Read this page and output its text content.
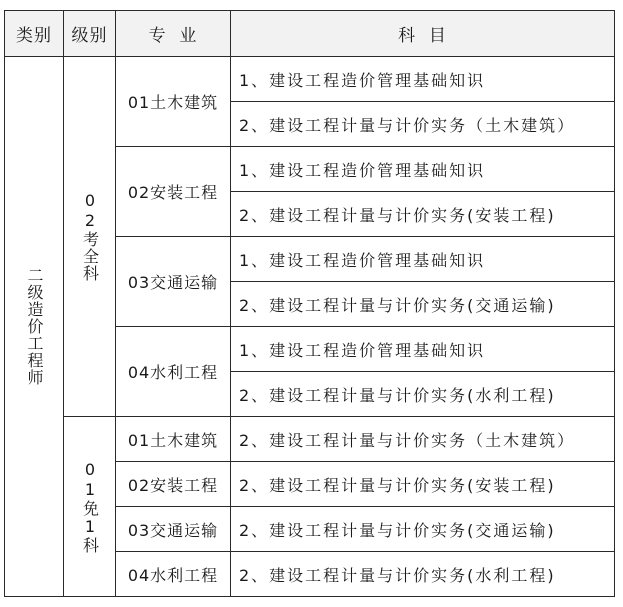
类别	级别	专  业	科  目

二级造价工程师	02考全科	01土木建筑	1、建设工程造价管理基础知识
			2、建设工程计量与计价实务（土木建筑）
		02安装工程	1、建设工程造价管理基础知识
			2、建设工程计量与计价实务(安装工程)
		03交通运输	1、建设工程造价管理基础知识
			2、建设工程计量与计价实务(交通运输)
		04水利工程	1、建设工程造价管理基础知识
			2、建设工程计量与计价实务(水利工程)

	01免1科	01土木建筑	2、建设工程计量与计价实务（土木建筑）
		02安装工程	2、建设工程计量与计价实务(安装工程)
		03交通运输	2、建设工程计量与计价实务(交通运输)
		04水利工程	2、建设工程计量与计价实务(水利工程)
